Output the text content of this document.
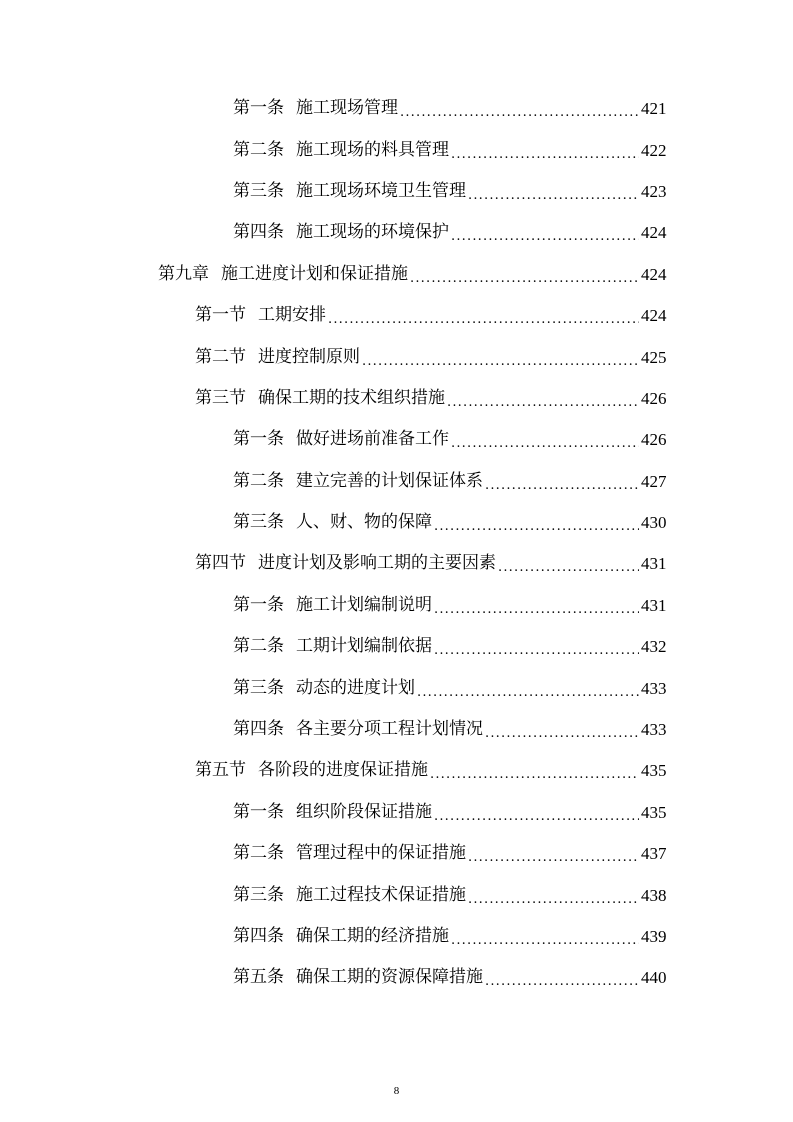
第一条 施工现场管理 .....	421
第二条 施工现场的料具管理 .....	422
第三条 施工现场环境卫生管理 .....	423
第四条 施工现场的环境保护 .....	424
第九章 施工进度计划和保证措施 .....	424
第一节 工期安排 .....	424
第二节 进度控制原则 .....	425
第三节 确保工期的技术组织措施 .....	426
第一条 做好进场前准备工作 .....	426
第二条 建立完善的计划保证体系 .....	427
第三条 人、财、物的保障 .....	430
第四节 进度计划及影响工期的主要因素 .....	431
第一条 施工计划编制说明 .....	431
第二条 工期计划编制依据 .....	432
第三条 动态的进度计划 .....	433
第四条 各主要分项工程计划情况 .....	433
第五节 各阶段的进度保证措施 .....	435
第一条 组织阶段保证措施 .....	435
第二条 管理过程中的保证措施 .....	437
第三条 施工过程技术保证措施 .....	438
第四条 确保工期的经济措施 .....	439
第五条 确保工期的资源保障措施 .....	440
8
